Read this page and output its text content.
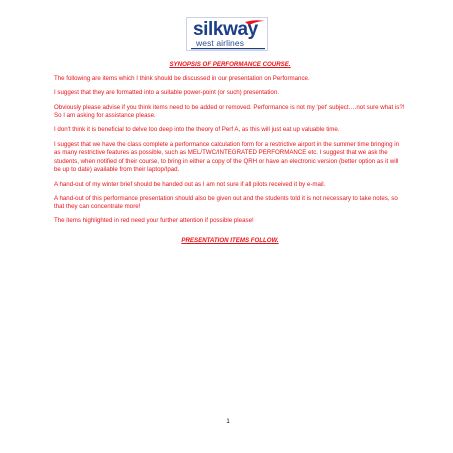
silkway
west airlines
SYNOPSIS OF PERFORMANCE COURSE.

The following are items which I think should be discussed in our presentation on Performance.

I suggest that they are formatted into a suitable power-point (or such) presentation.

Obviously please advise if you think items need to be added or removed. Performance is not my 'pet' subject….not sure what is?! So I am asking for assistance please.

I don't think it is beneficial to delve too deep into the theory of Perf A, as this will just eat up valuable time.

I suggest that we have the class complete a performance calculation form for a restrictive airport in the summer time bringing in as many restrictive features as possible, such as MEL/TWC/INTEGRATED PERFORMANCE etc. I suggest that we ask the students, when notified of their course, to bring in either a copy of the QRH or have an electronic version (better option as it will be up to date) available from their laptop/Ipad.

A hand-out of my winter brief should be handed out as I am not sure if all pilots received it by e-mail.

A hand-out of this performance presentation should also be given out and the students told it is not necessary to take notes, so that they can concentrate more!

The items highlighted in red need your further attention if possible please!

PRESENTATION ITEMS FOLLOW.
1
